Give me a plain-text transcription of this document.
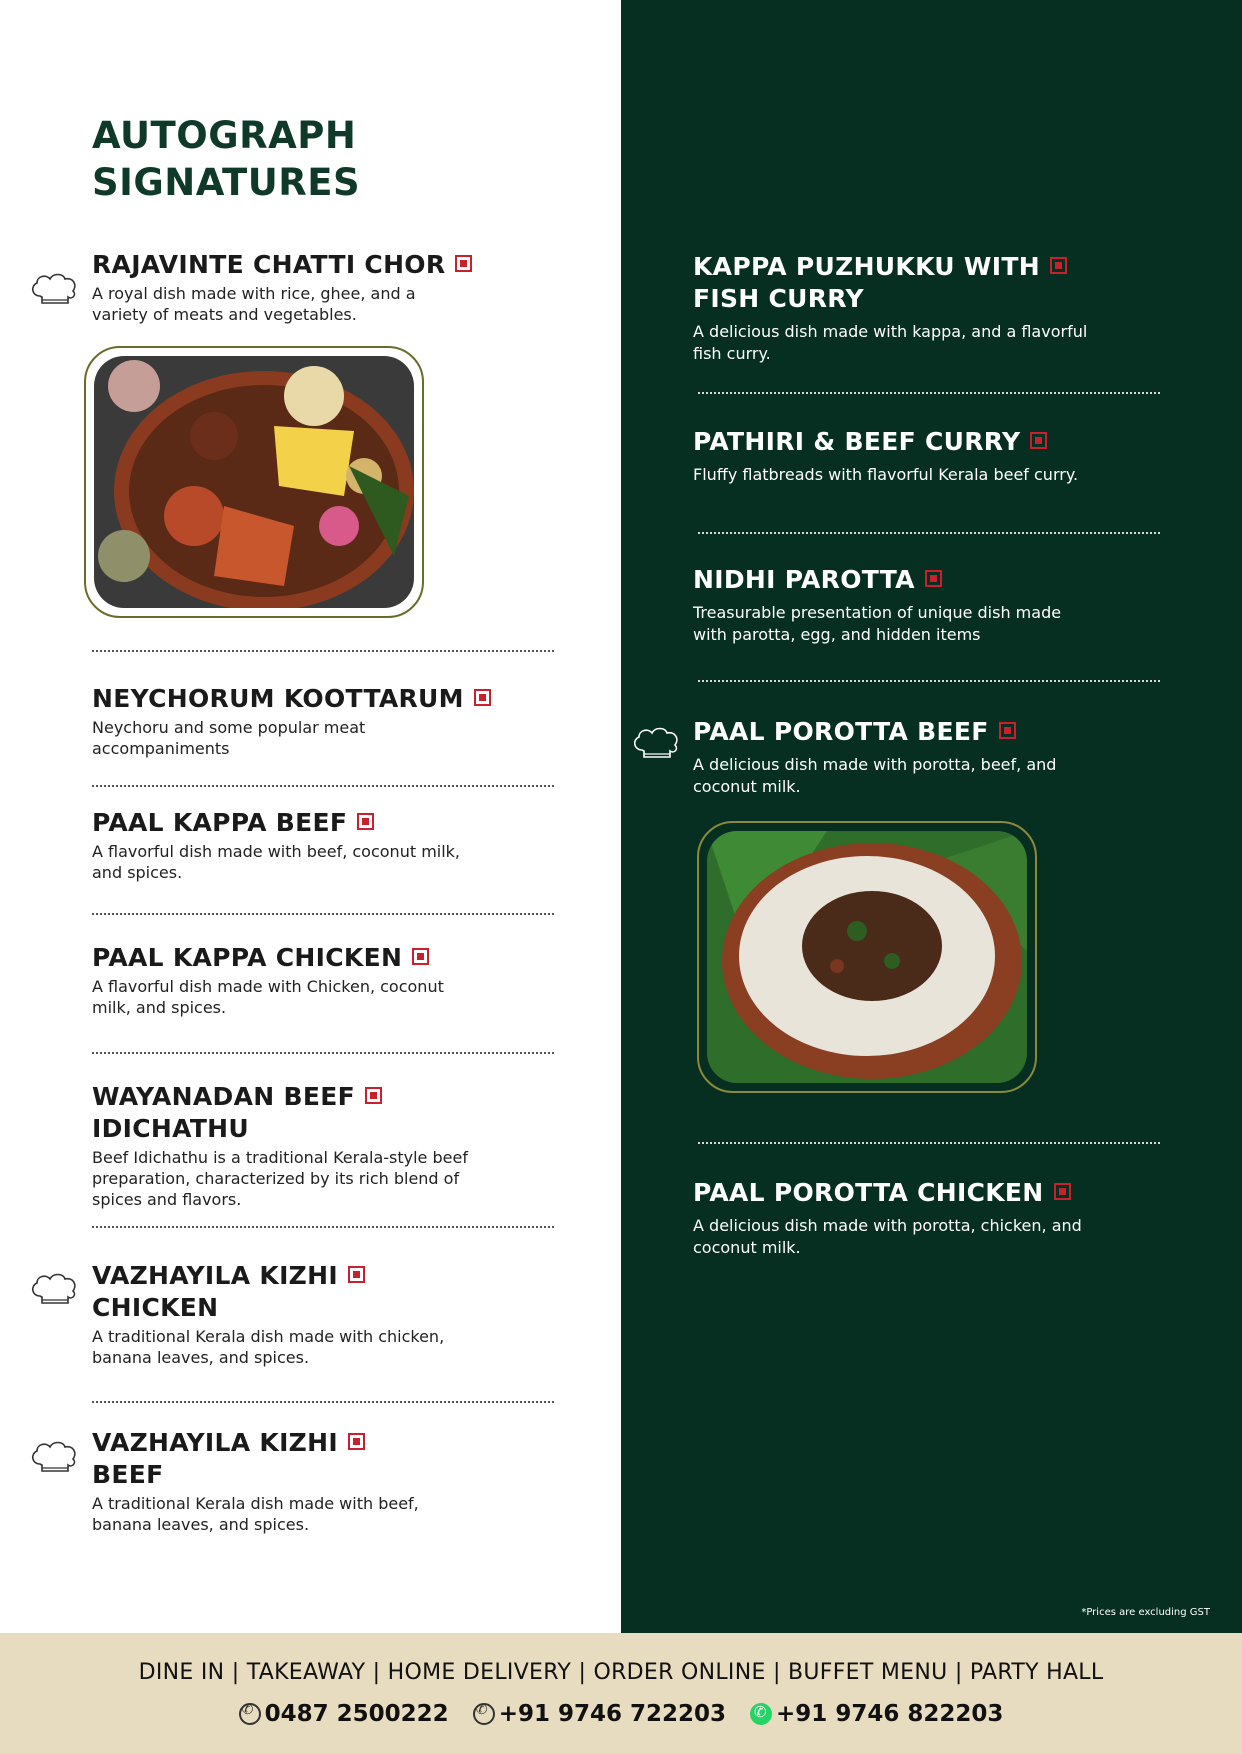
AUTOGRAPH
SIGNATURES
RAJAVINTE CHATTI CHOR
A royal dish made with rice, ghee, and a variety of meats and vegetables.
NEYCHORUM KOOTTARUM
Neychoru and some popular meat accompaniments
PAAL KAPPA BEEF
A flavorful dish made with beef, coconut milk, and spices.
PAAL KAPPA CHICKEN
A flavorful dish made with Chicken, coconut milk, and spices.
WAYANADAN BEEF
IDICHATHU
Beef Idichathu is a traditional Kerala-style beef preparation, characterized by its rich blend of spices and flavors.
VAZHAYILA KIZHI
CHICKEN
A traditional Kerala dish made with chicken, banana leaves, and spices.
VAZHAYILA KIZHI
BEEF
A traditional Kerala dish made with beef, banana leaves, and spices.
KAPPA PUZHUKKU WITH
FISH CURRY
A delicious dish made with kappa, and a flavorful fish curry.
PATHIRI & BEEF CURRY
Fluffy flatbreads with flavorful Kerala beef curry.
NIDHI PAROTTA
Treasurable presentation of unique dish made with parotta, egg, and hidden items
PAAL POROTTA BEEF
A delicious dish made with porotta, beef, and coconut milk.
PAAL POROTTA CHICKEN
A delicious dish made with porotta, chicken, and coconut milk.
*Prices are excluding GST
DINE IN | TAKEAWAY | HOME DELIVERY | ORDER ONLINE | BUFFET MENU | PARTY HALL
✆
0487 2500222
✆ +91 9746 722203
✆ +91 9746 822203
